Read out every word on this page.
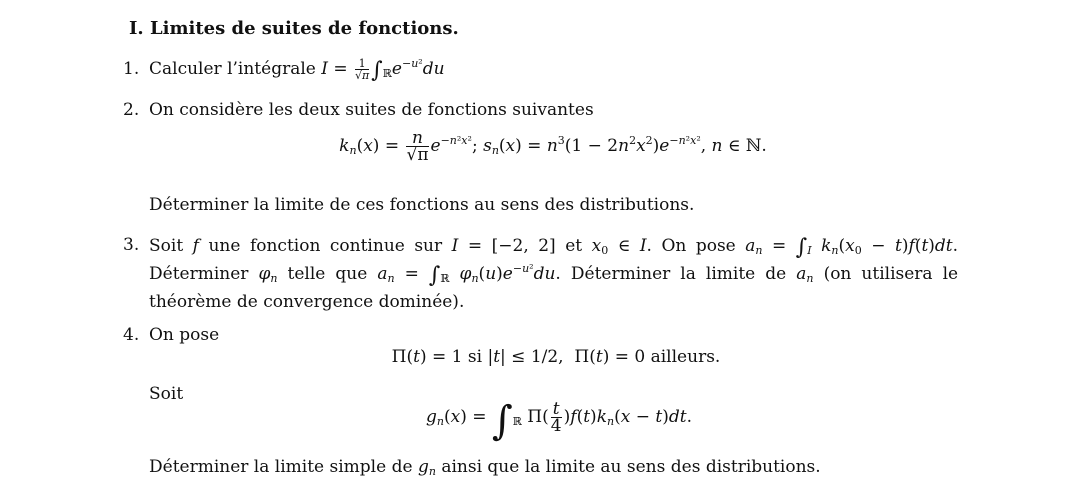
I. Limites de suites de fonctions.
1. Calculer l’intégrale $I = \frac{1}{√\pi} \int_ℝe^{-u^2}du$
2. On considère les deux suites de fonctions suivantes
$k_n(x) = \frac{n}{√\pi} e^{-n^2x^2}$; $s_n(x) = n^3(1 - 2n^2x^2)e^{-n^2x^2}$, n ∈ ℕ.
Déterminer la limite de ces fonctions au sens des distributions.
3. Soit f une fonction continue sur I = [−2, 2] et $x_0$ ∈ I. On pose $a_n = \int_I$ $k_n(x_0 - t)f(t)dt$. Déterminer $\varphi_n$ telle que $a_n = \int_ℝ$ $\varphi_n(u)e^{-u^2}du$. Déterminer la limite de $a_n$ (on utilisera le théorème de convergence dominée).
4. On pose
Π(t) = 1 si |t| ≤ 1/2,  Π(t) = 0 ailleurs.
Soit
$g_n(x) = \int_ℝ$ $\Pi( \frac{t}{4} )f(t)k_n(x - t)dt$.
Déterminer la limite simple de $g_n$ ainsi que la limite au sens des distributions.
